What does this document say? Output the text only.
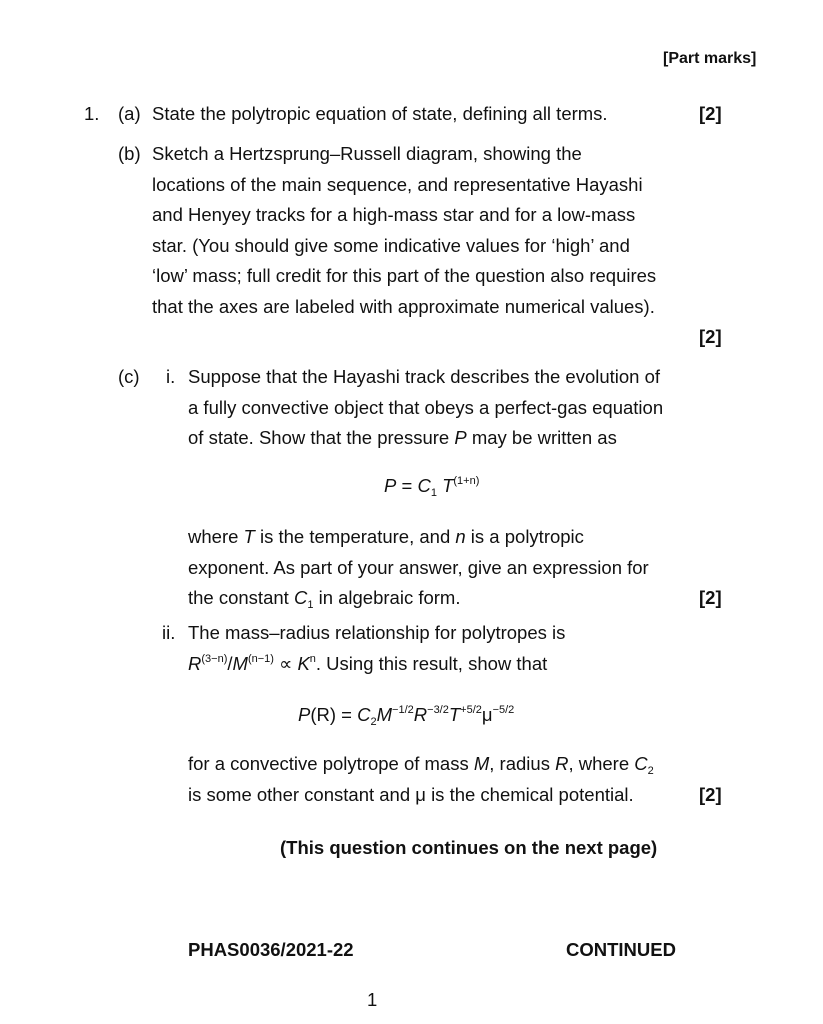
[Part marks]
1. (a) State the polytropic equation of state, defining all terms.	[2]
(b) Sketch a Hertzsprung–Russell diagram, showing the
locations of the main sequence, and representative Hayashi
and Henyey tracks for a high-mass star and for a low-mass
star. (You should give some indicative values for ‘high’ and
‘low’ mass; full credit for this part of the question also requires
that the axes are labeled with approximate numerical values).
[2]
(c) i. Suppose that the Hayashi track describes the evolution of
a fully convective object that obeys a perfect-gas equation
of state. Show that the pressure P may be written as
$P = C_1$ $T^{(1+n)}$
where T is the temperature, and n is a polytropic
exponent. As part of your answer, give an expression for
the constant $C_1$ in algebraic form.	[2]
ii. The mass–radius relationship for polytropes is
$R^{(3-n)}/M^{(n-1)} \propto K^n$. Using this result, show that
$P(R) = C_2M^{-1/2}R^{-3/2}T^{+5/2}\mu^{-5/2}$
for a convective polytrope of mass M, radius R, where $C_2$
is some other constant and μ is the chemical potential.	[2]
(This question continues on the next page)
PHAS0036/2021-22	CONTINUED
1
